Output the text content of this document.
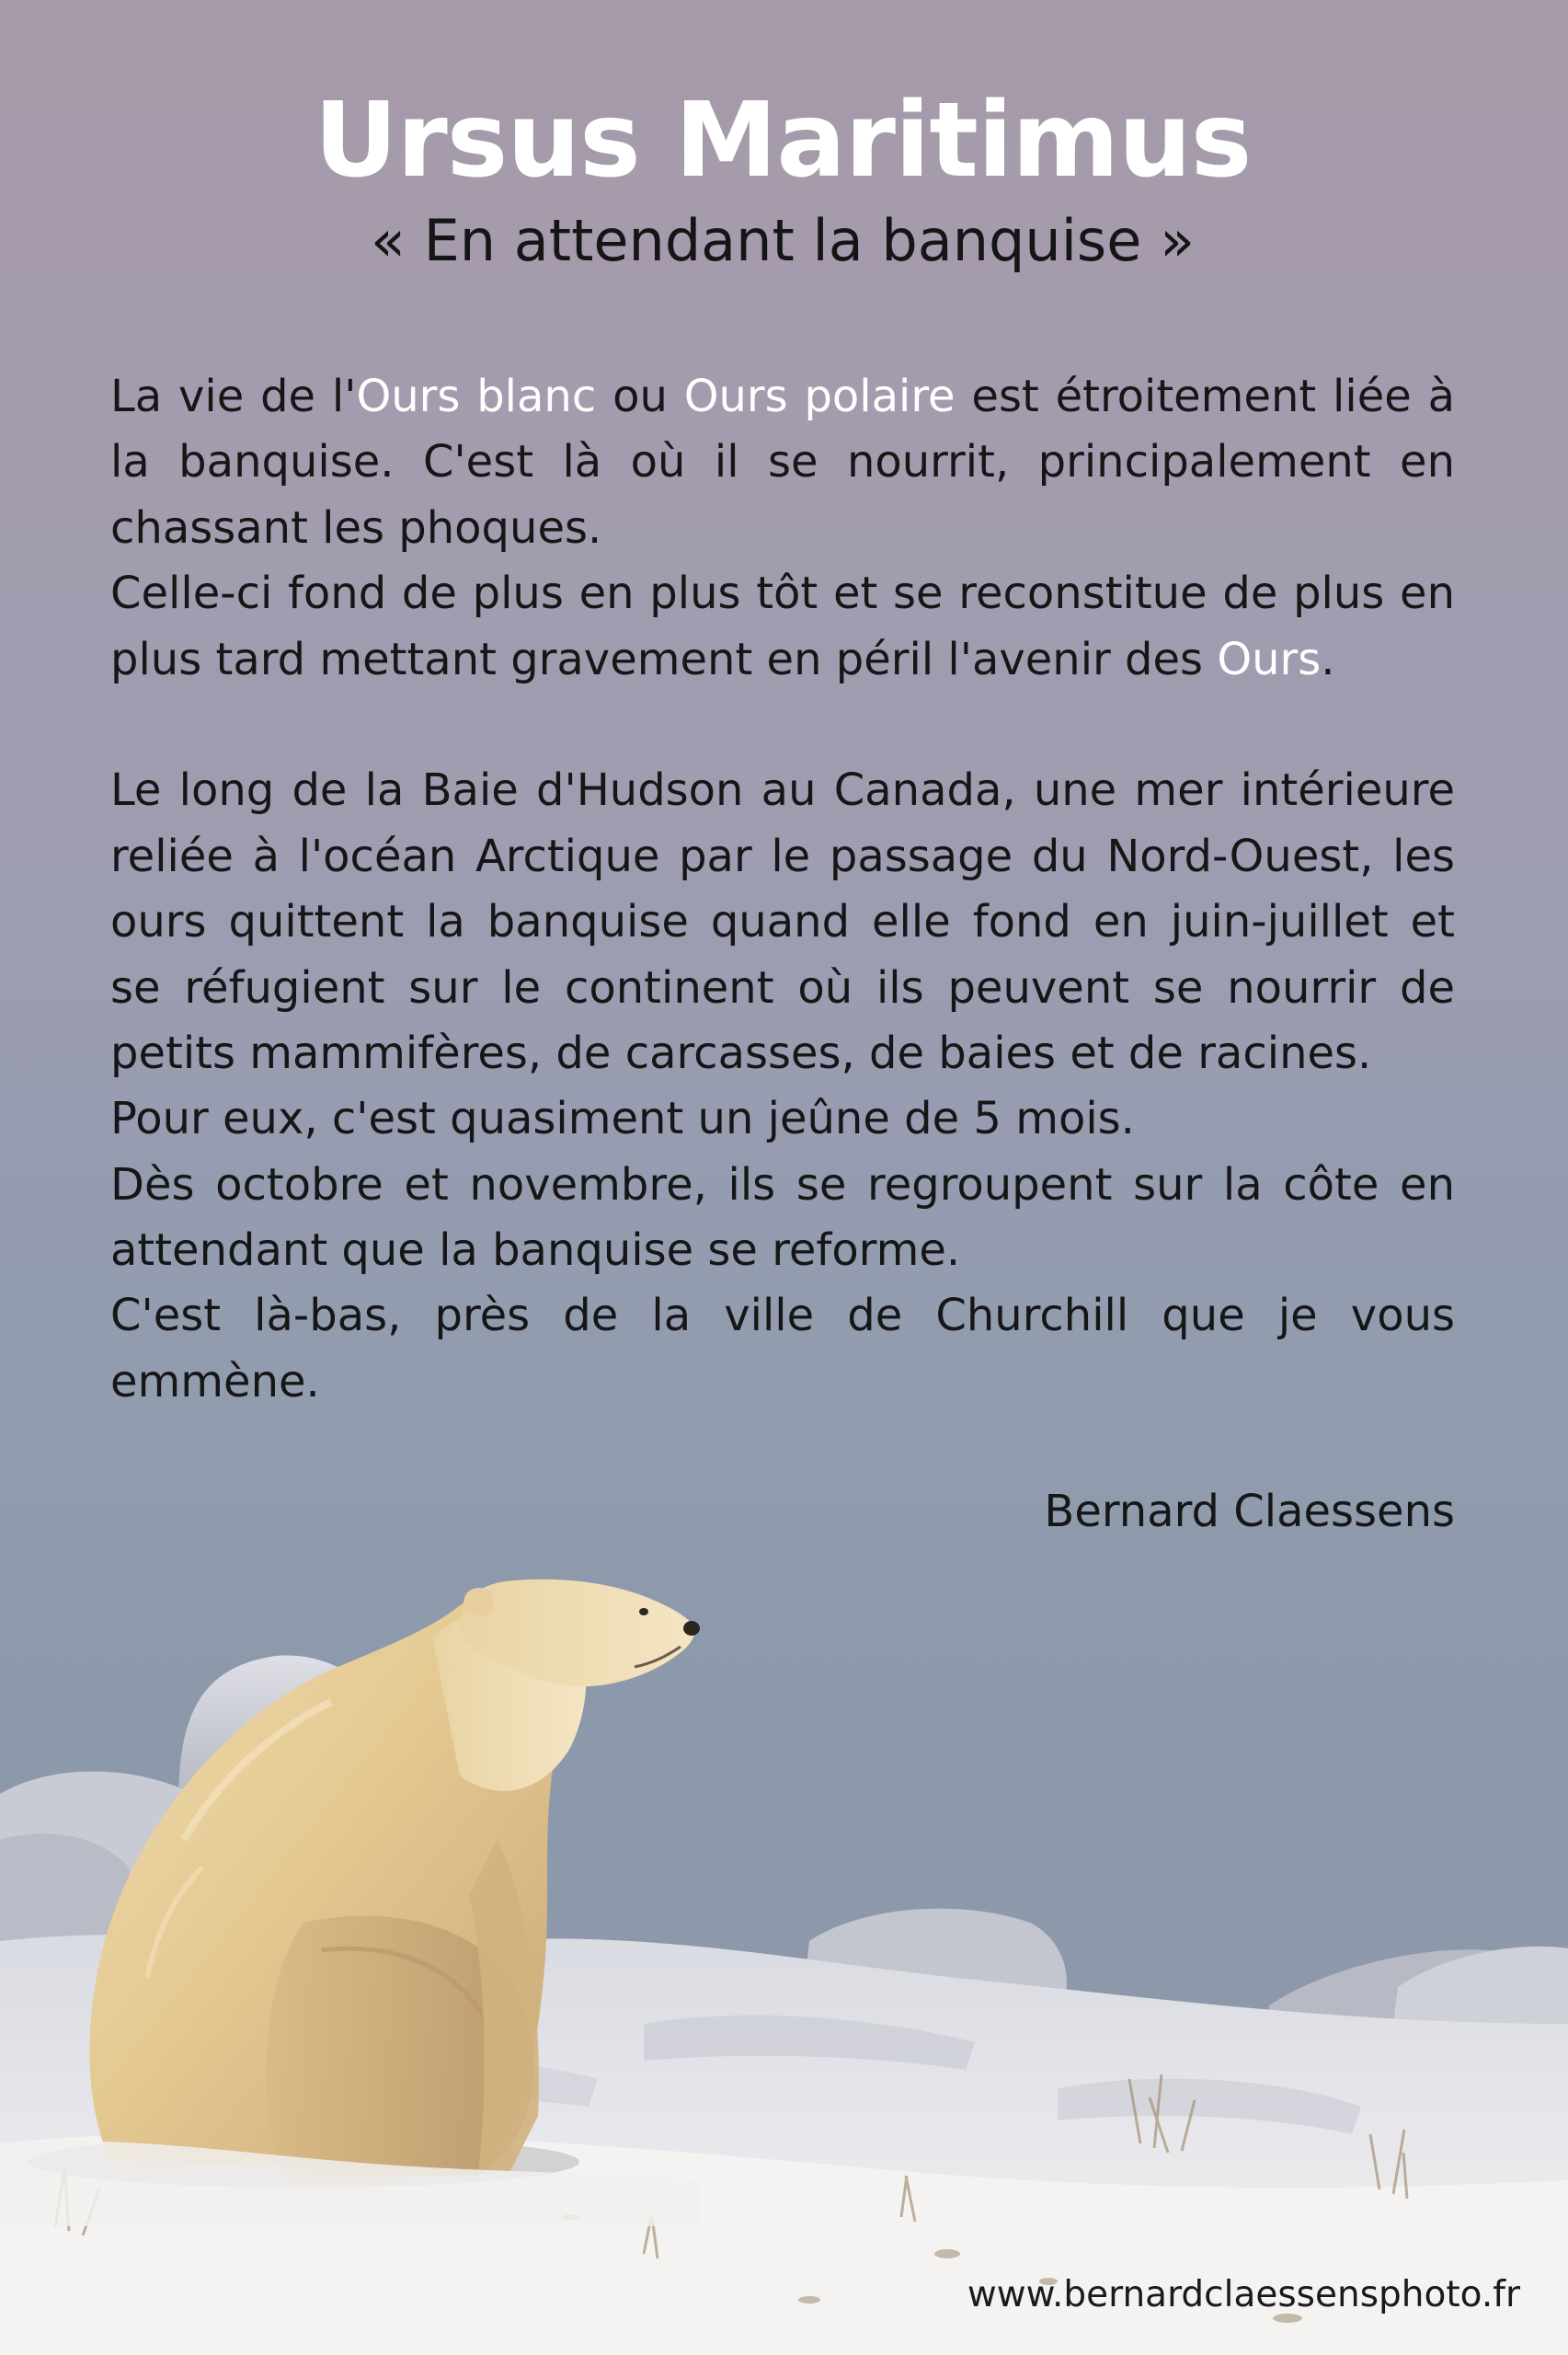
Ursus Maritimus

« En attendant la banquise »

La vie de l'Ours blanc ou Ours polaire est étroitement liée à
la banquise. C'est là où il se nourrit, principalement en
chassant les phoques.
Celle-ci fond de plus en plus tôt et se reconstitue de plus en
plus tard mettant gravement en péril l'avenir des Ours.
Le long de la Baie d'Hudson au Canada, une mer intérieure
reliée à l'océan Arctique par le passage du Nord-Ouest, les
ours quittent la banquise quand elle fond en juin-juillet et
se réfugient sur le continent où ils peuvent se nourrir de
petits mammifères, de carcasses, de baies et de racines.
Pour eux, c'est quasiment un jeûne de 5 mois.
Dès octobre et novembre, ils se regroupent sur la côte en
attendant que la banquise se reforme.
C'est là-bas, près de la ville de Churchill que je vous
emmène.
Bernard Claessens
www.bernardclaessensphoto.fr
